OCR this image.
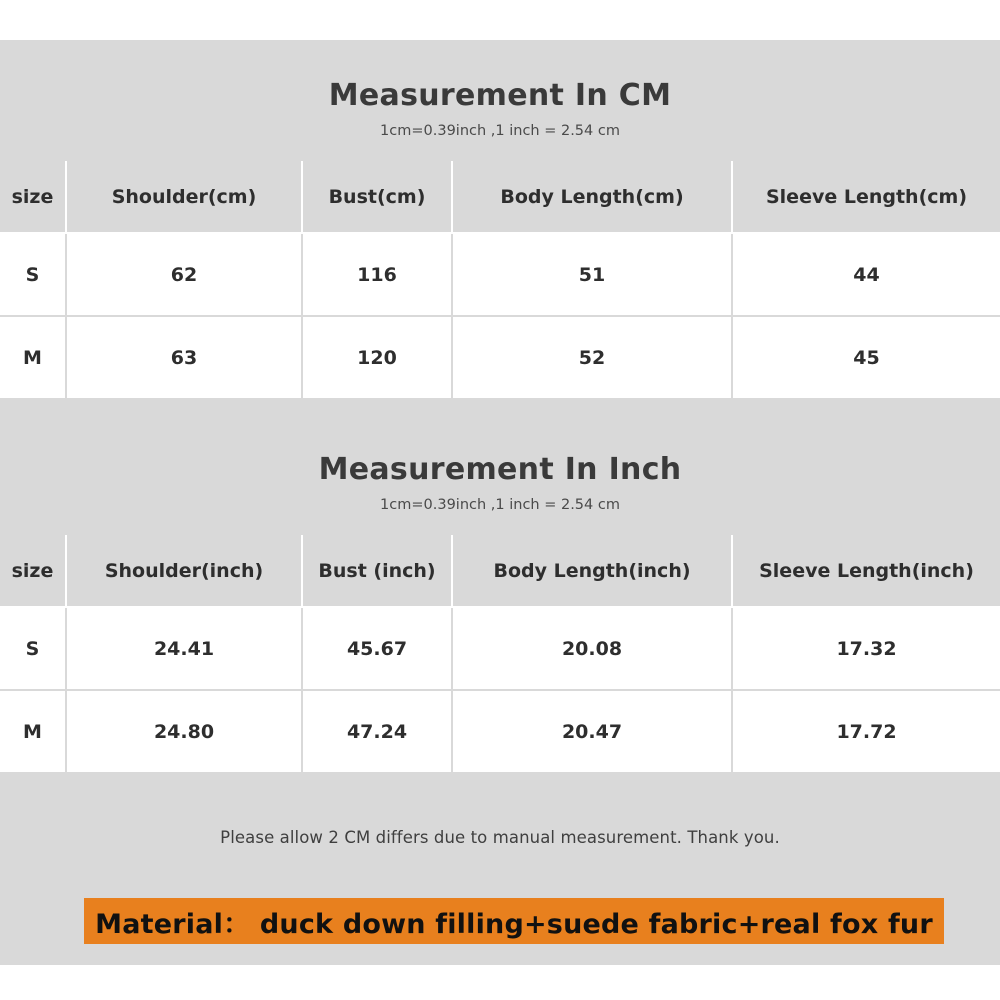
Measurement In CM
1cm=0.39inch ,1 inch = 2.54 cm
size	Shoulder(cm)	Bust(cm)	Body Length(cm)	Sleeve Length(cm)
S	62	116	51	44
M	63	120	52	45
Measurement In Inch
1cm=0.39inch ,1 inch = 2.54 cm
size	Shoulder(inch)	Bust (inch)	Body Length(inch)	Sleeve Length(inch)
S	24.41	45.67	20.08	17.32
M	24.80	47.24	20.47	17.72
Please allow 2 CM differs due to manual measurement. Thank you.
Material： duck down filling+suede fabric+real fox fur
